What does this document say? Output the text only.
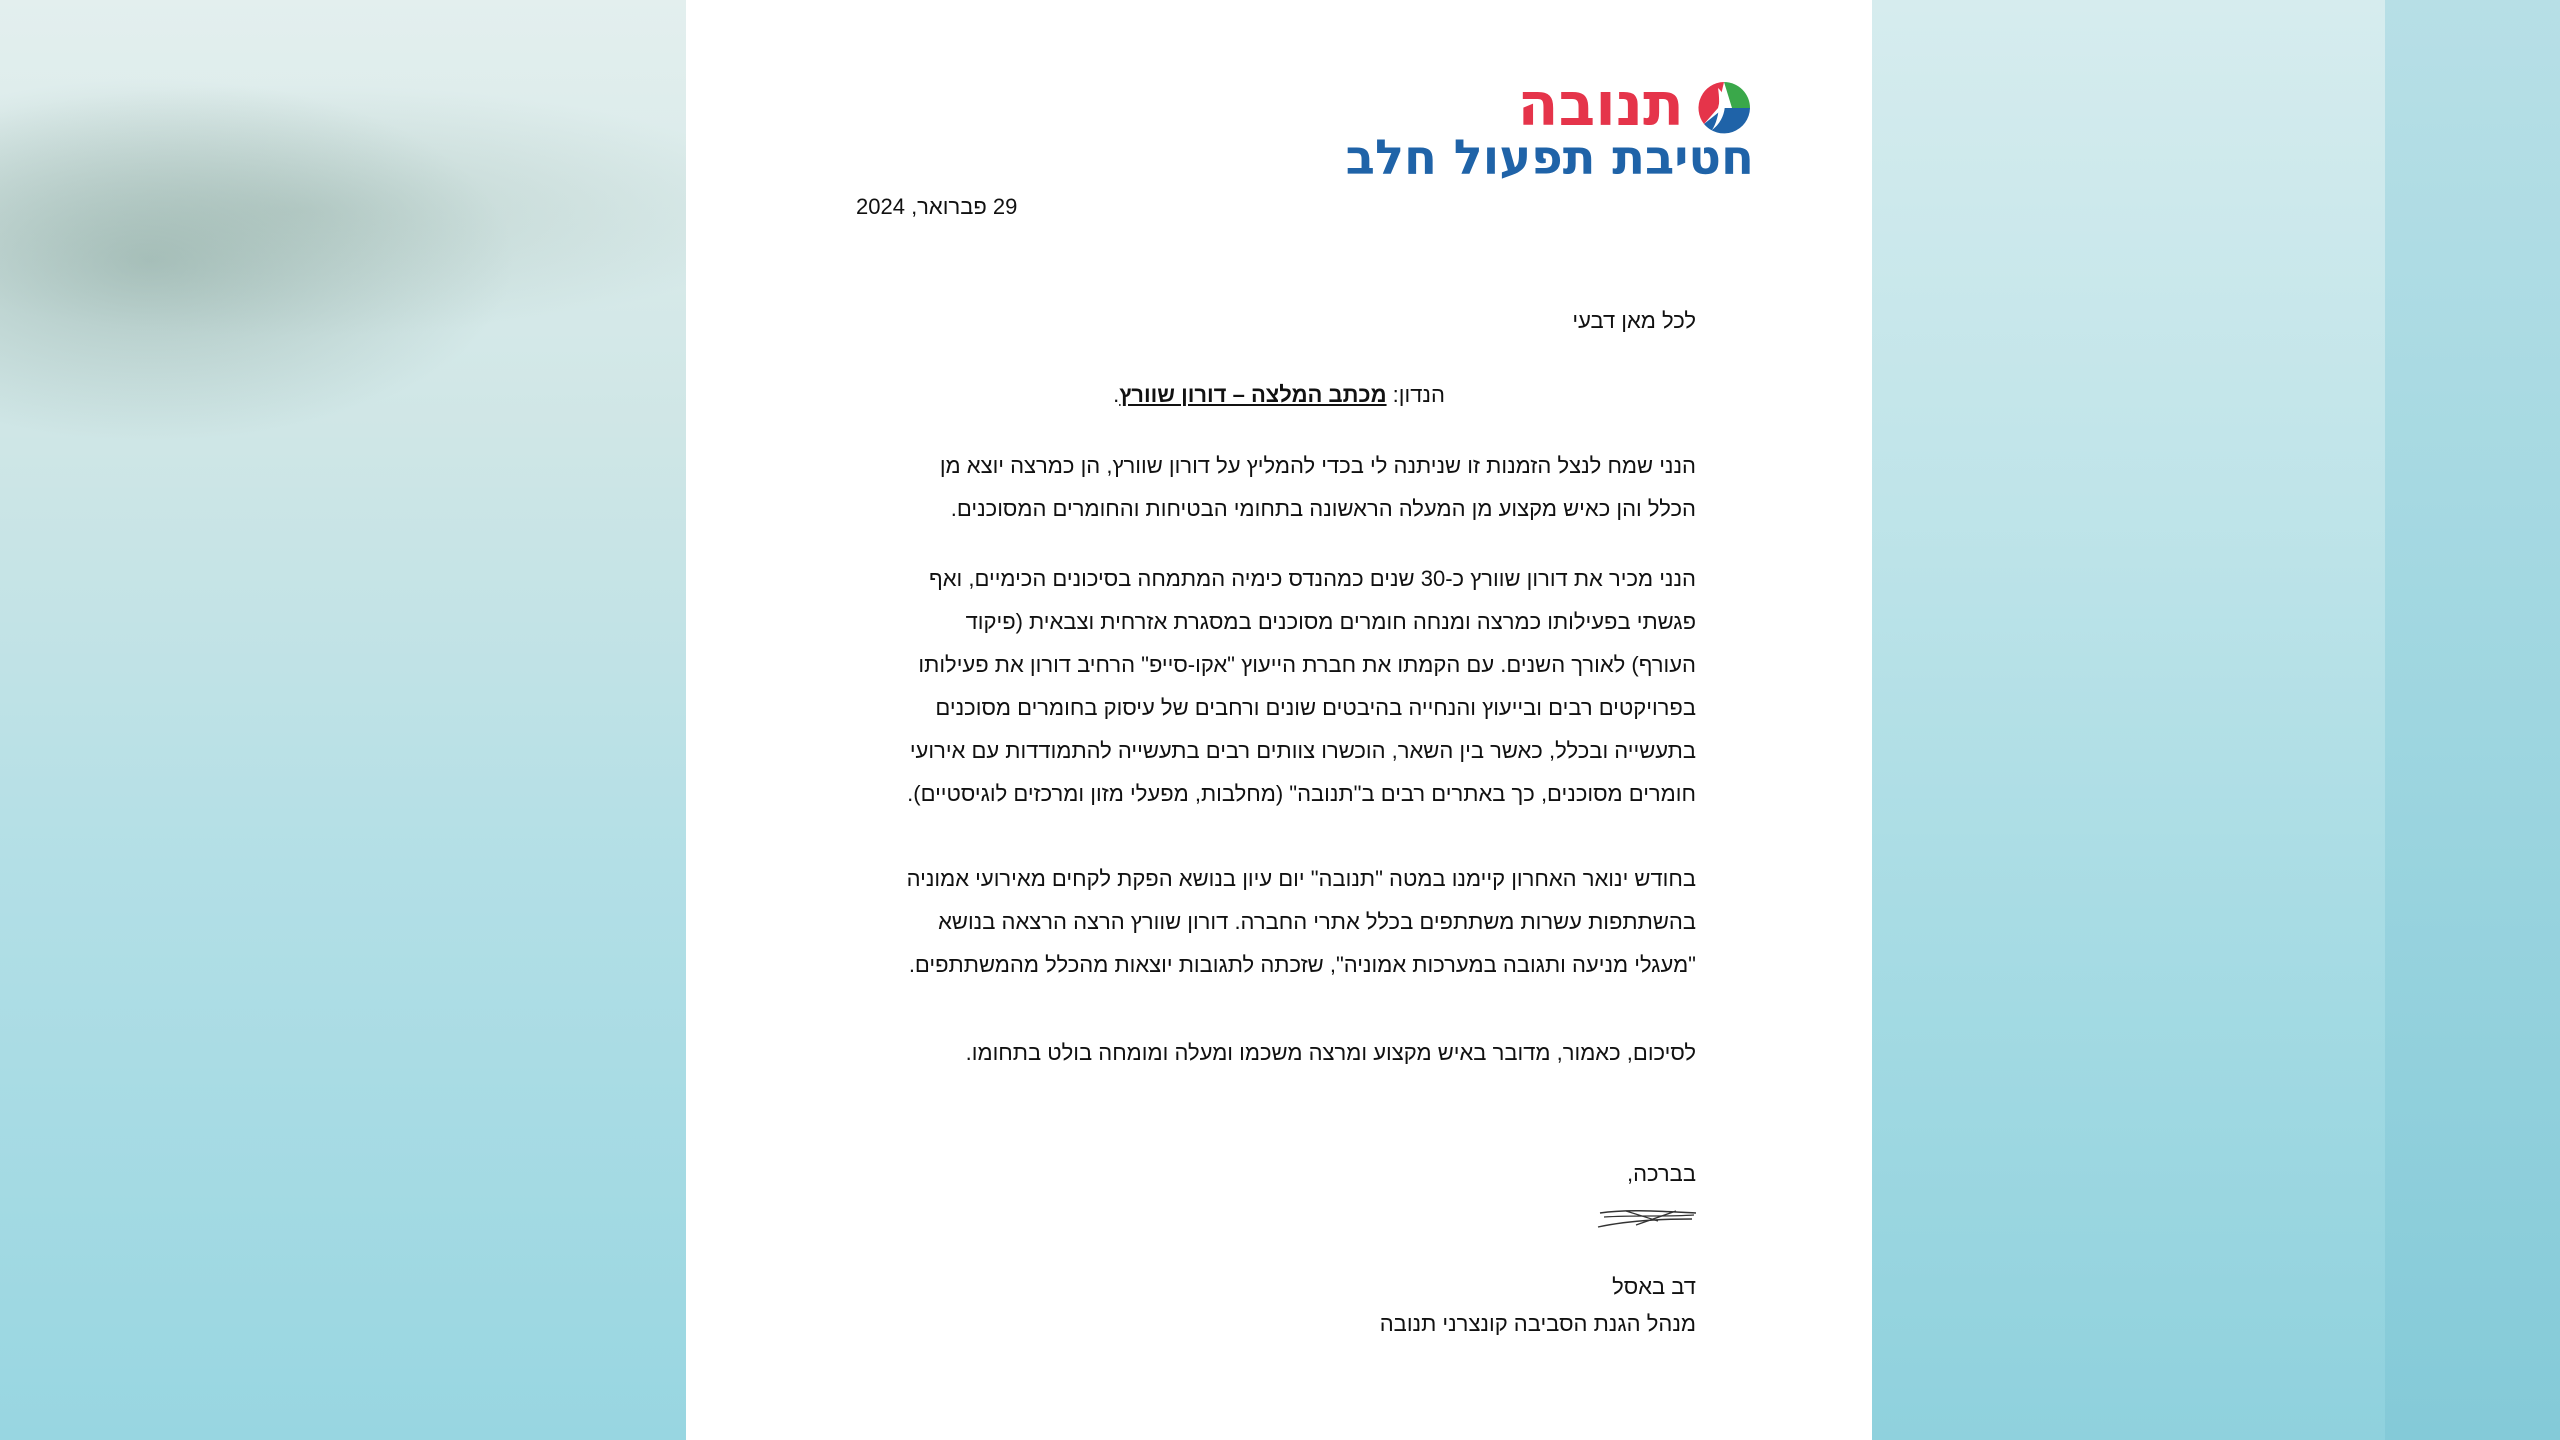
תנובה
חטיבת תפעול חלב
29 פברואר, 2024
לכל מאן דבעי
הנדון: מכתב המלצה – דורון שוורץ.
הנני שמח לנצל הזמנות זו שניתנה לי בכדי להמליץ על דורון שוורץ, הן כמרצה יוצא מן
הכלל והן כאיש מקצוע מן המעלה הראשונה בתחומי הבטיחות והחומרים המסוכנים.
הנני מכיר את דורון שוורץ כ-30 שנים כמהנדס כימיה המתמחה בסיכונים הכימיים, ואף
פגשתי בפעילותו כמרצה ומנחה חומרים מסוכנים במסגרת אזרחית וצבאית (פיקוד
העורף) לאורך השנים. עם הקמתו את חברת הייעוץ "אקו-סייפ" הרחיב דורון את פעילותו
בפרויקטים רבים ובייעוץ והנחייה בהיבטים שונים ורחבים של עיסוק בחומרים מסוכנים
בתעשייה ובכלל, כאשר בין השאר, הוכשרו צוותים רבים בתעשייה להתמודדות עם אירועי
חומרים מסוכנים, כך באתרים רבים ב"תנובה" (מחלבות, מפעלי מזון ומרכזים לוגיסטיים).
בחודש ינואר האחרון קיימנו במטה "תנובה" יום עיון בנושא הפקת לקחים מאירועי אמוניה
בהשתתפות עשרות משתתפים בכלל אתרי החברה. דורון שוורץ הרצה הרצאה בנושא
"מעגלי מניעה ותגובה במערכות אמוניה", שזכתה לתגובות יוצאות מהכלל מהמשתתפים.
לסיכום, כאמור, מדובר באיש מקצוע ומרצה משכמו ומעלה ומומחה בולט בתחומו.
בברכה,
דב באסל
מנהל הגנת הסביבה קונצרני תנובה
